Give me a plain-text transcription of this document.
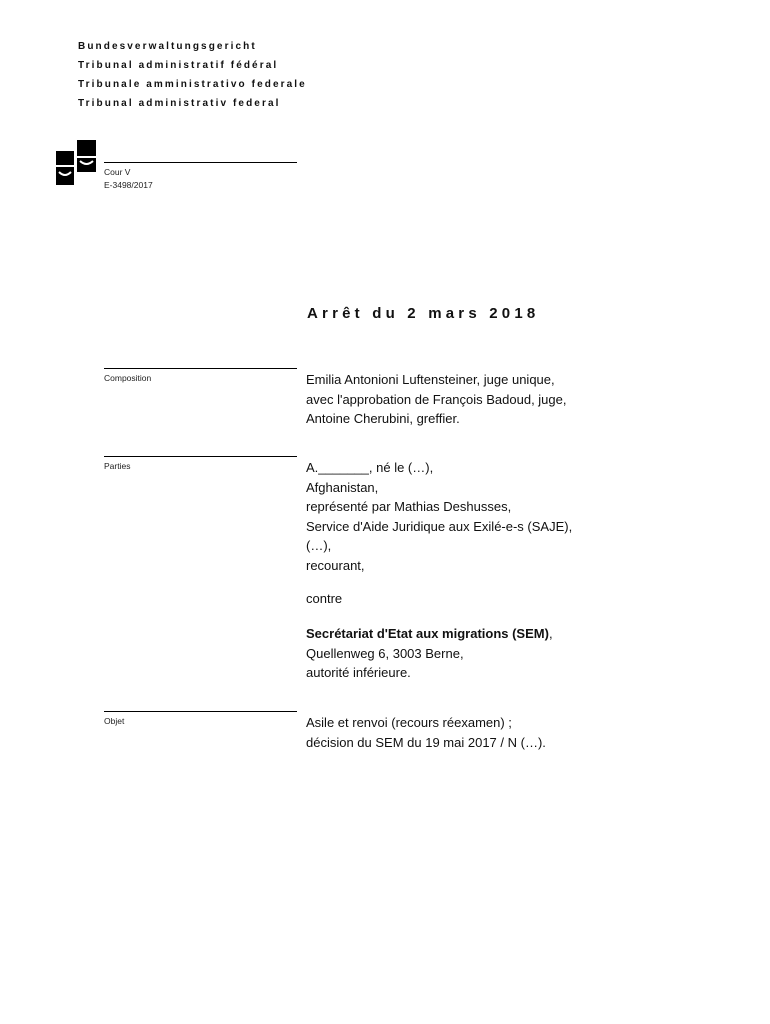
Bundesverwaltungsgericht
Tribunal administratif fédéral
Tribunale amministrativo federale
Tribunal administrativ federal
Cour V
E-3498/2017
Arrêt du 2 mars 2018
Composition	Emilia Antonioni Luftensteiner, juge unique,
avec l'approbation de François Badoud, juge,
Antoine Cherubini, greffier.
Parties	A._______, né le (…),
Afghanistan,
représenté par Mathias Deshusses,
Service d'Aide Juridique aux Exilé-e-s (SAJE),
(…),
recourant,
contre
Secrétariat d'Etat aux migrations (SEM),
Quellenweg 6, 3003 Berne,
autorité inférieure.
Objet	Asile et renvoi (recours réexamen) ;
décision du SEM du 19 mai 2017 / N (…).
